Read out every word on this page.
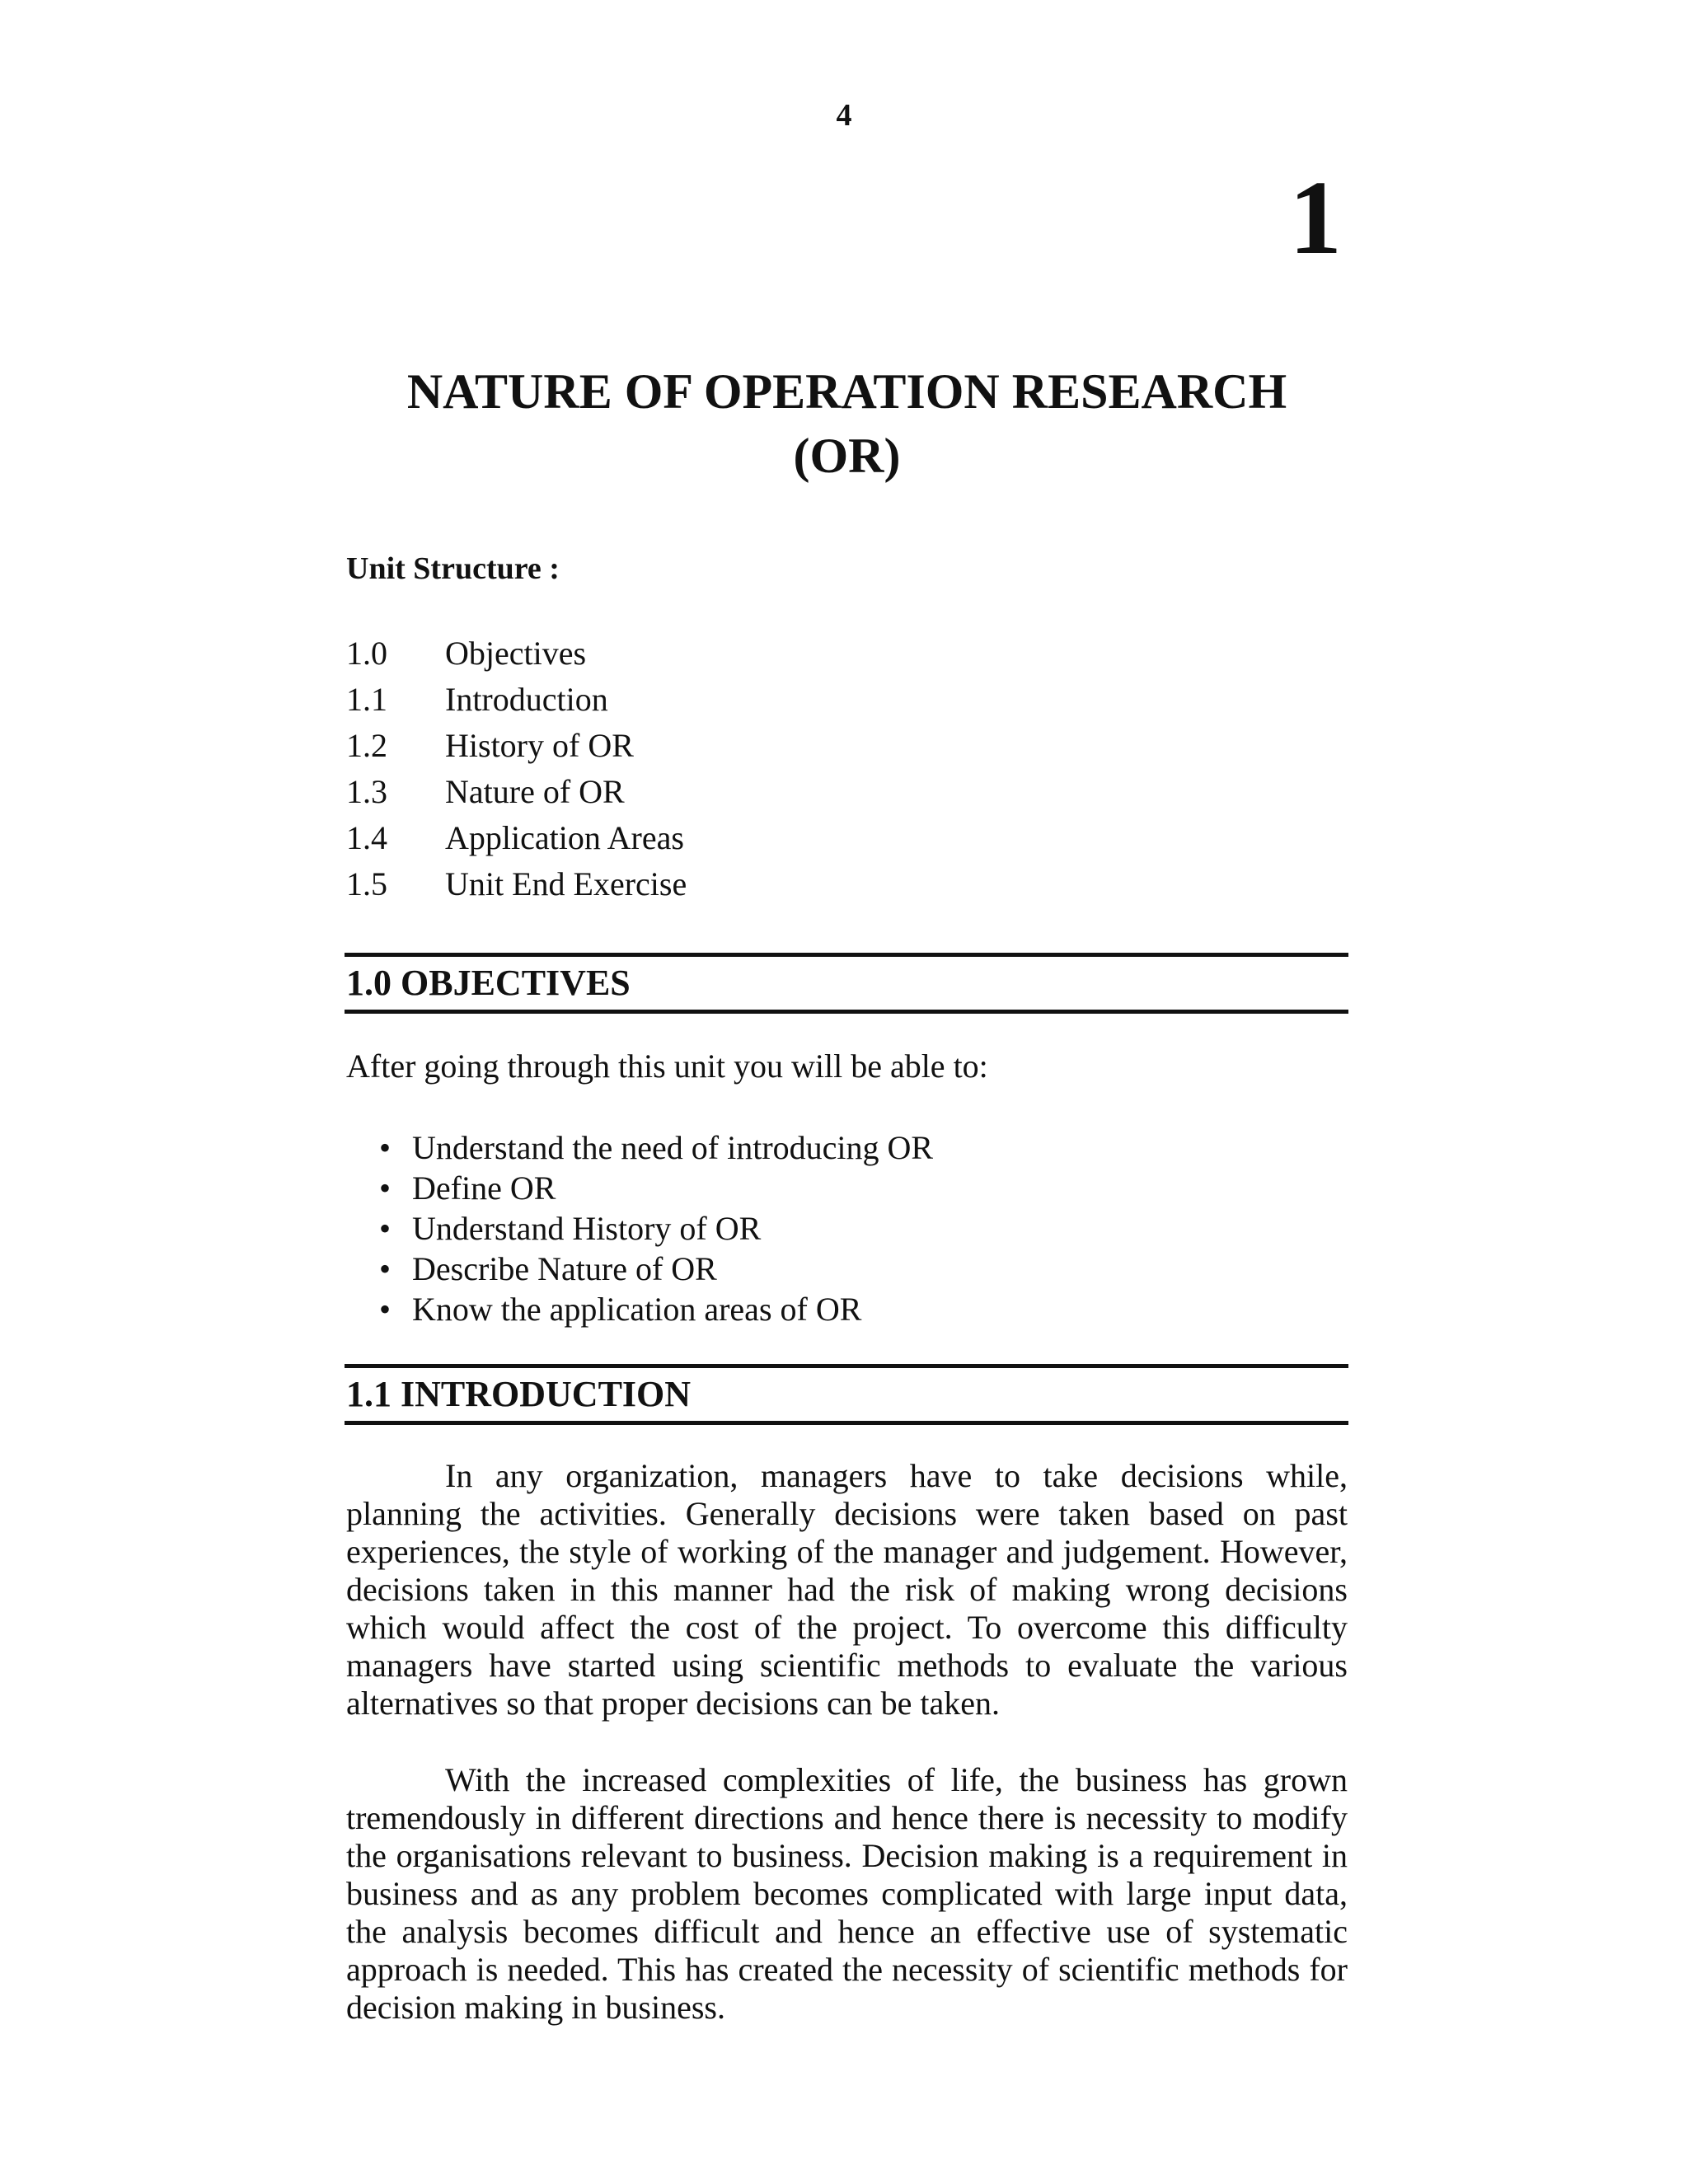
4

1

NATURE OF OPERATION RESEARCH
(OR)

Unit Structure :

1.0	Objectives
1.1	Introduction
1.2	History of OR
1.3	Nature of OR
1.4	Application Areas
1.5	Unit End Exercise
1.0 OBJECTIVES

After going through this unit you will be able to:

• Understand the need of introducing OR
• Define OR
• Understand History of OR
• Describe Nature of OR
• Know the application areas of OR
1.1 INTRODUCTION

In any organization, managers have to take decisions while, planning the activities. Generally decisions were taken based on past experiences, the style of working of the manager and judgement. However, decisions taken in this manner had the risk of making wrong decisions which would affect the cost of the project. To overcome this difficulty managers have started using scientific methods to evaluate the various alternatives so that proper decisions can be taken.

With the increased complexities of life, the business has grown tremendously in different directions and hence there is necessity to modify the organisations relevant to business. Decision making is a requirement in business and as any problem becomes complicated with large input data, the analysis becomes difficult and hence an effective use of systematic approach is needed. This has created the necessity of scientific methods for decision making in business.
